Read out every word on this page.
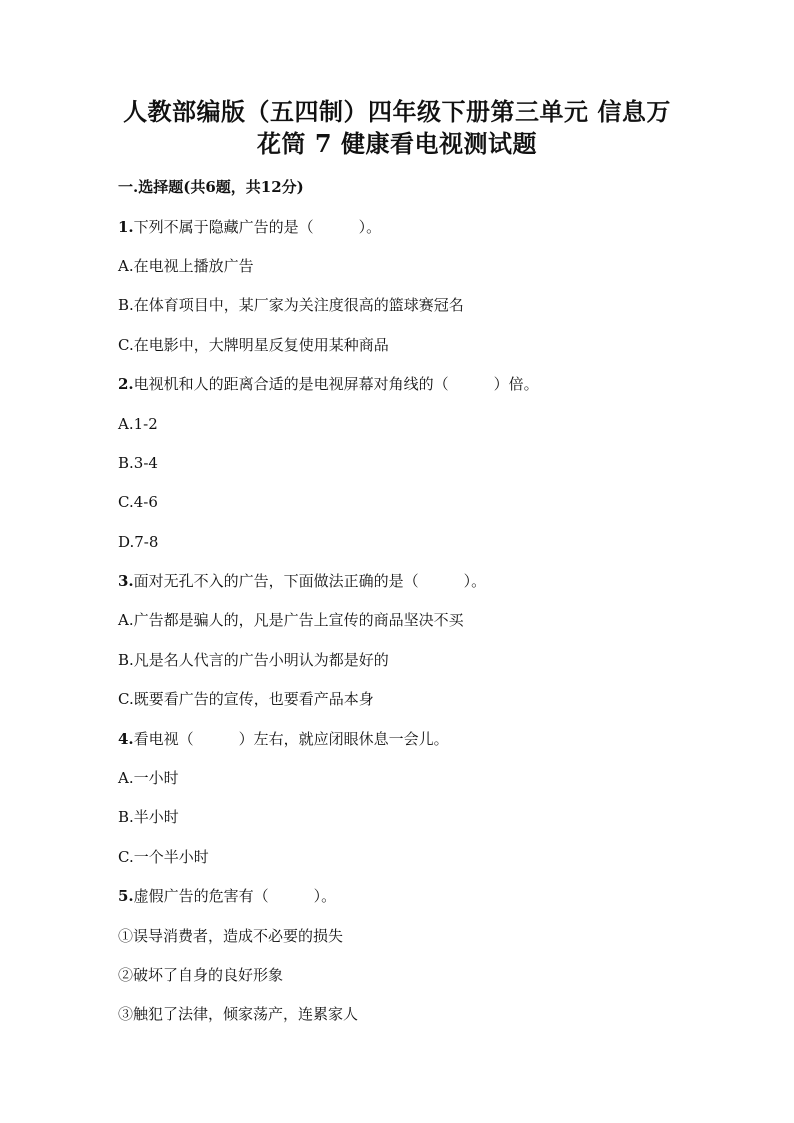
人教部编版（五四制）四年级下册第三单元 信息万
花筒 7 健康看电视测试题
一.选择题(共6题，共12分)
1.下列不属于隐藏广告的是（　　　）。
A.在电视上播放广告
B.在体育项目中，某厂家为关注度很高的篮球赛冠名
C.在电影中，大牌明星反复使用某种商品
2.电视机和人的距离合适的是电视屏幕对角线的（　　　）倍。
A.1-2
B.3-4
C.4-6
D.7-8
3.面对无孔不入的广告，下面做法正确的是（　　　）。
A.广告都是骗人的，凡是广告上宣传的商品坚决不买
B.凡是名人代言的广告小明认为都是好的
C.既要看广告的宣传，也要看产品本身
4.看电视（　　　）左右，就应闭眼休息一会儿。
A.一小时
B.半小时
C.一个半小时
5.虚假广告的危害有（　　　）。
①误导消费者，造成不必要的损失
②破坏了自身的良好形象
③触犯了法律，倾家荡产，连累家人
